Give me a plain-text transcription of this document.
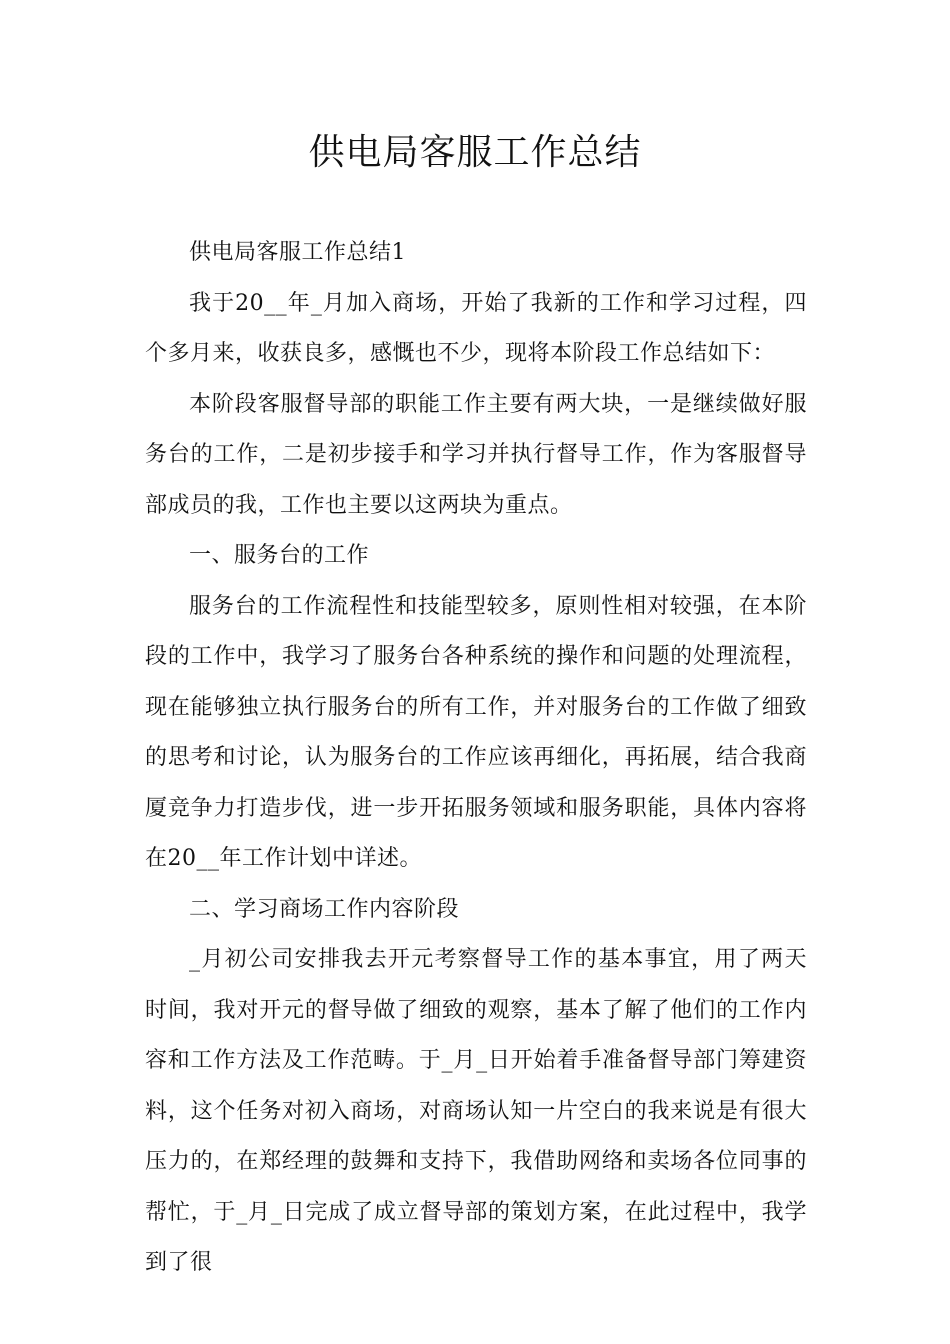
供电局客服工作总结

供电局客服工作总结1

我于20__年_月加入商场，开始了我新的工作和学习过程，四个多月来，收获良多，感慨也不少，现将本阶段工作总结如下：

本阶段客服督导部的职能工作主要有两大块，一是继续做好服务台的工作，二是初步接手和学习并执行督导工作，作为客服督导部成员的我，工作也主要以这两块为重点。

一、服务台的工作

服务台的工作流程性和技能型较多，原则性相对较强，在本阶段的工作中，我学习了服务台各种系统的操作和问题的处理流程，现在能够独立执行服务台的所有工作，并对服务台的工作做了细致的思考和讨论，认为服务台的工作应该再细化，再拓展，结合我商厦竞争力打造步伐，进一步开拓服务领域和服务职能，具体内容将在20__年工作计划中详述。

二、学习商场工作内容阶段

_月初公司安排我去开元考察督导工作的基本事宜，用了两天时间，我对开元的督导做了细致的观察，基本了解了他们的工作内容和工作方法及工作范畴。于_月_日开始着手准备督导部门筹建资料，这个任务对初入商场，对商场认知一片空白的我来说是有很大压力的，在郑经理的鼓舞和支持下，我借助网络和卖场各位同事的帮忙，于_月_日完成了成立督导部的策划方案，在此过程中，我学到了很
